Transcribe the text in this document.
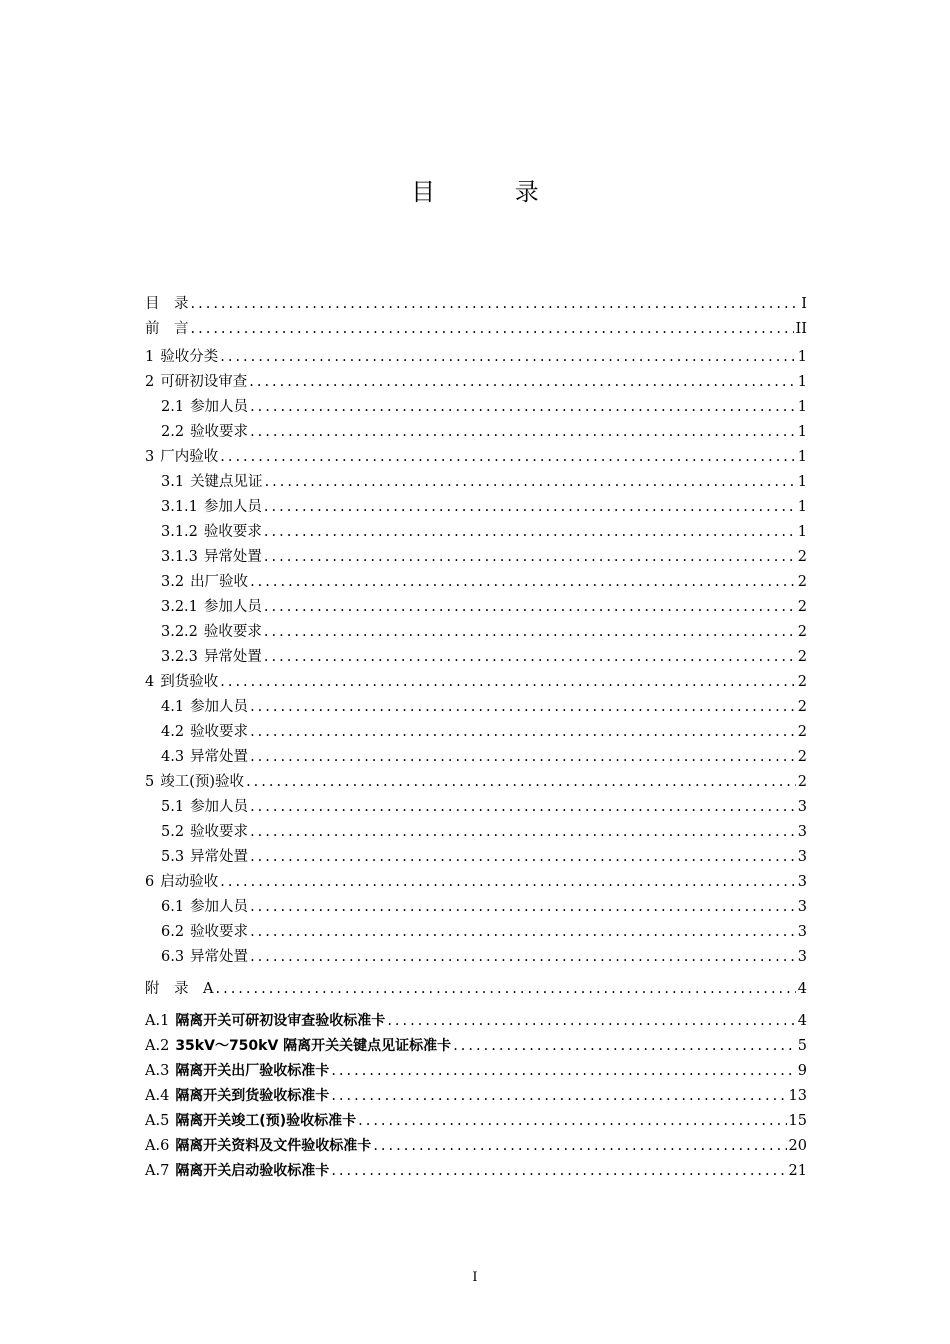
目 录
目　录 .....	I
前　言 .....	II
1 验收分类 .....	1
2 可研初设审查 .....	1
2.1 参加人员 .....	1
2.2 验收要求 .....	1
3 厂内验收 .....	1
3.1 关键点见证 .....	1
3.1.1 参加人员 .....	1
3.1.2 验收要求 .....	1
3.1.3 异常处置 .....	2
3.2 出厂验收 .....	2
3.2.1 参加人员 .....	2
3.2.2 验收要求 .....	2
3.2.3 异常处置 .....	2
4 到货验收 .....	2
4.1 参加人员 .....	2
4.2 验收要求 .....	2
4.3 异常处置 .....	2
5 竣工(预)验收 .....	2
5.1 参加人员 .....	3
5.2 验收要求 .....	3
5.3 异常处置 .....	3
6 启动验收 .....	3
6.1 参加人员 .....	3
6.2 验收要求 .....	3
6.3 异常处置 .....	3
附　录　A .....	4
A.1 隔离开关可研初设审查验收标准卡 .....	4
A.2 35kV～750kV 隔离开关关键点见证标准卡 .....	5
A.3 隔离开关出厂验收标准卡 .....	9
A.4 隔离开关到货验收标准卡 .....	13
A.5 隔离开关竣工(预)验收标准卡 .....	15
A.6 隔离开关资料及文件验收标准卡 .....	20
A.7 隔离开关启动验收标准卡 .....	21
I
